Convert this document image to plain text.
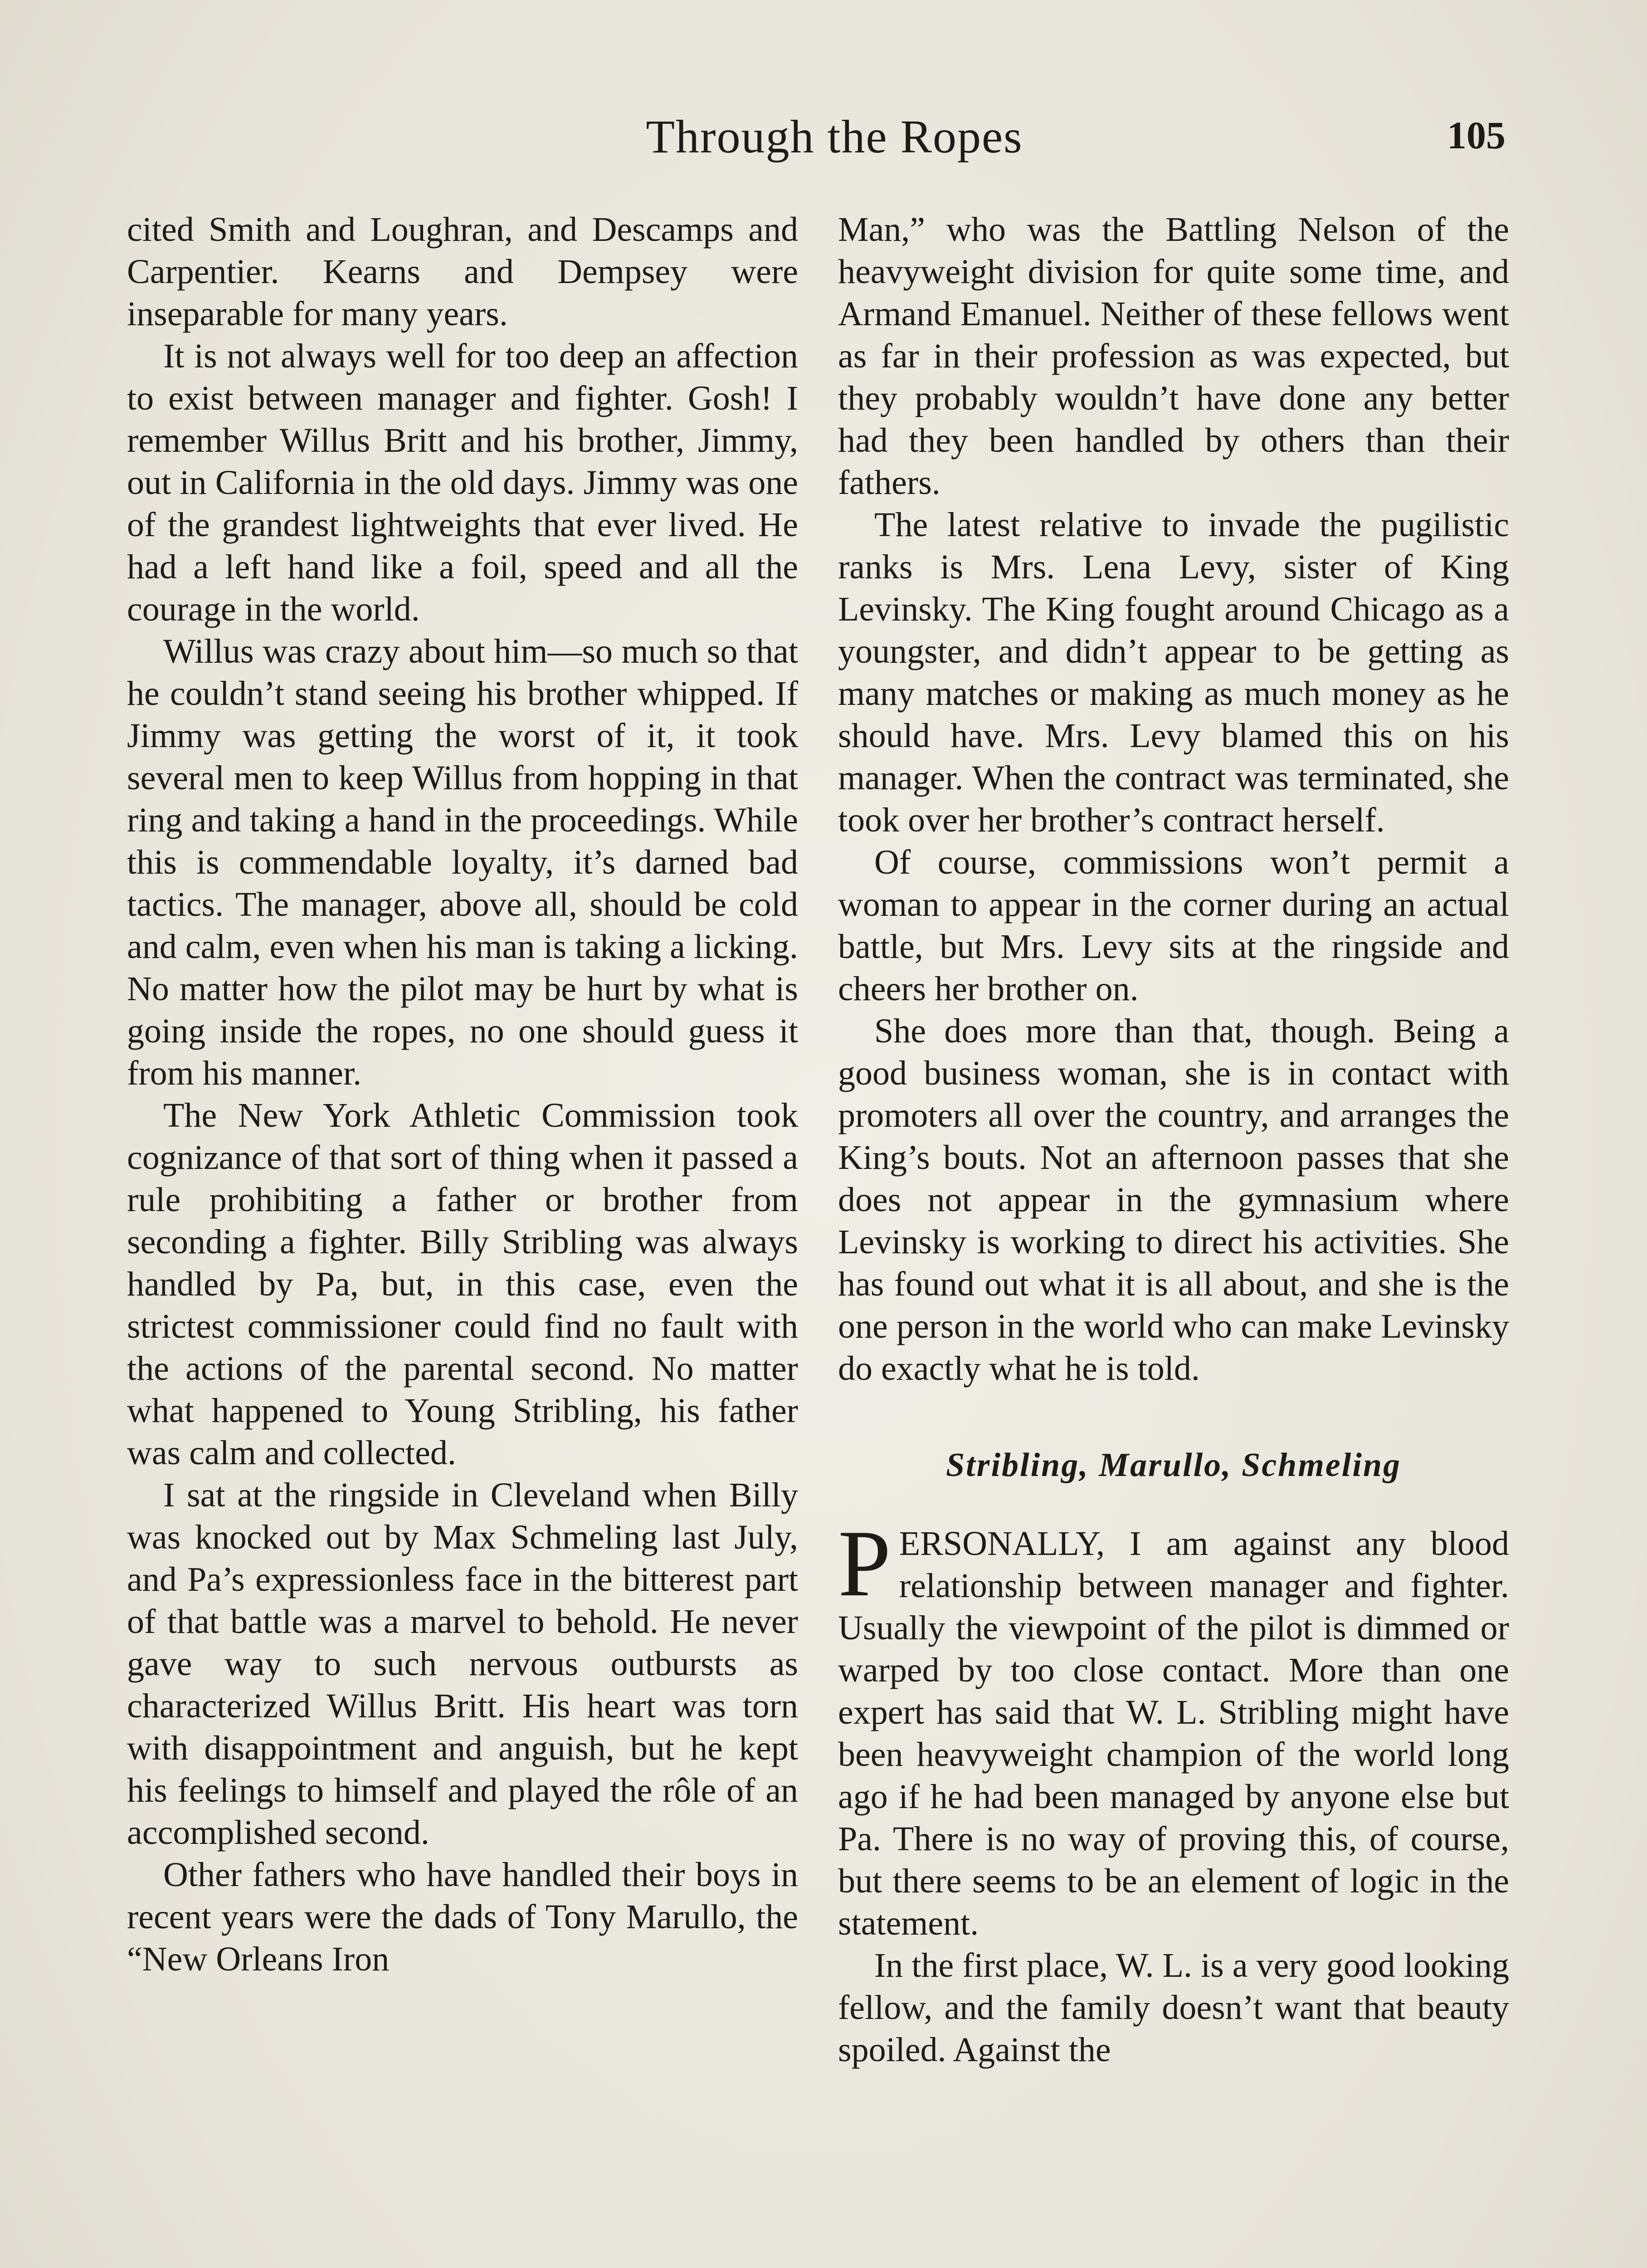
Through the Ropes	105

cited Smith and Loughran, and Descamps and Carpentier. Kearns and Dempsey were inseparable for many years.

It is not always well for too deep an affection to exist between manager and fighter. Gosh! I remember Willus Britt and his brother, Jimmy, out in California in the old days. Jimmy was one of the grandest lightweights that ever lived. He had a left hand like a foil, speed and all the courage in the world.

Willus was crazy about him—so much so that he couldn’t stand seeing his brother whipped. If Jimmy was getting the worst of it, it took several men to keep Willus from hopping in that ring and taking a hand in the proceedings. While this is commendable loyalty, it’s darned bad tactics. The manager, above all, should be cold and calm, even when his man is taking a licking. No matter how the pilot may be hurt by what is going inside the ropes, no one should guess it from his manner.

The New York Athletic Commission took cognizance of that sort of thing when it passed a rule prohibiting a father or brother from seconding a fighter. Billy Stribling was always handled by Pa, but, in this case, even the strictest commissioner could find no fault with the actions of the parental second. No matter what happened to Young Stribling, his father was calm and collected.

I sat at the ringside in Cleveland when Billy was knocked out by Max Schmeling last July, and Pa’s expressionless face in the bitterest part of that battle was a marvel to behold. He never gave way to such nervous outbursts as characterized Willus Britt. His heart was torn with disappointment and anguish, but he kept his feelings to himself and played the rôle of an accomplished second.

Other fathers who have handled their boys in recent years were the dads of Tony Marullo, the “New Orleans Iron

Man,” who was the Battling Nelson of the heavyweight division for quite some time, and Armand Emanuel. Neither of these fellows went as far in their profession as was expected, but they probably wouldn’t have done any better had they been handled by others than their fathers.

The latest relative to invade the pugilistic ranks is Mrs. Lena Levy, sister of King Levinsky. The King fought around Chicago as a youngster, and didn’t appear to be getting as many matches or making as much money as he should have. Mrs. Levy blamed this on his manager. When the contract was terminated, she took over her brother’s contract herself.

Of course, commissions won’t permit a woman to appear in the corner during an actual battle, but Mrs. Levy sits at the ringside and cheers her brother on.

She does more than that, though. Being a good business woman, she is in contact with promoters all over the country, and arranges the King’s bouts. Not an afternoon passes that she does not appear in the gymnasium where Levinsky is working to direct his activities. She has found out what it is all about, and she is the one person in the world who can make Levinsky do exactly what he is told.

Stribling, Marullo, Schmeling

PERSONALLY, I am against any blood relationship between manager and fighter. Usually the viewpoint of the pilot is dimmed or warped by too close contact. More than one expert has said that W. L. Stribling might have been heavyweight champion of the world long ago if he had been managed by anyone else but Pa. There is no way of proving this, of course, but there seems to be an element of logic in the statement.

In the first place, W. L. is a very good looking fellow, and the family doesn’t want that beauty spoiled. Against the
